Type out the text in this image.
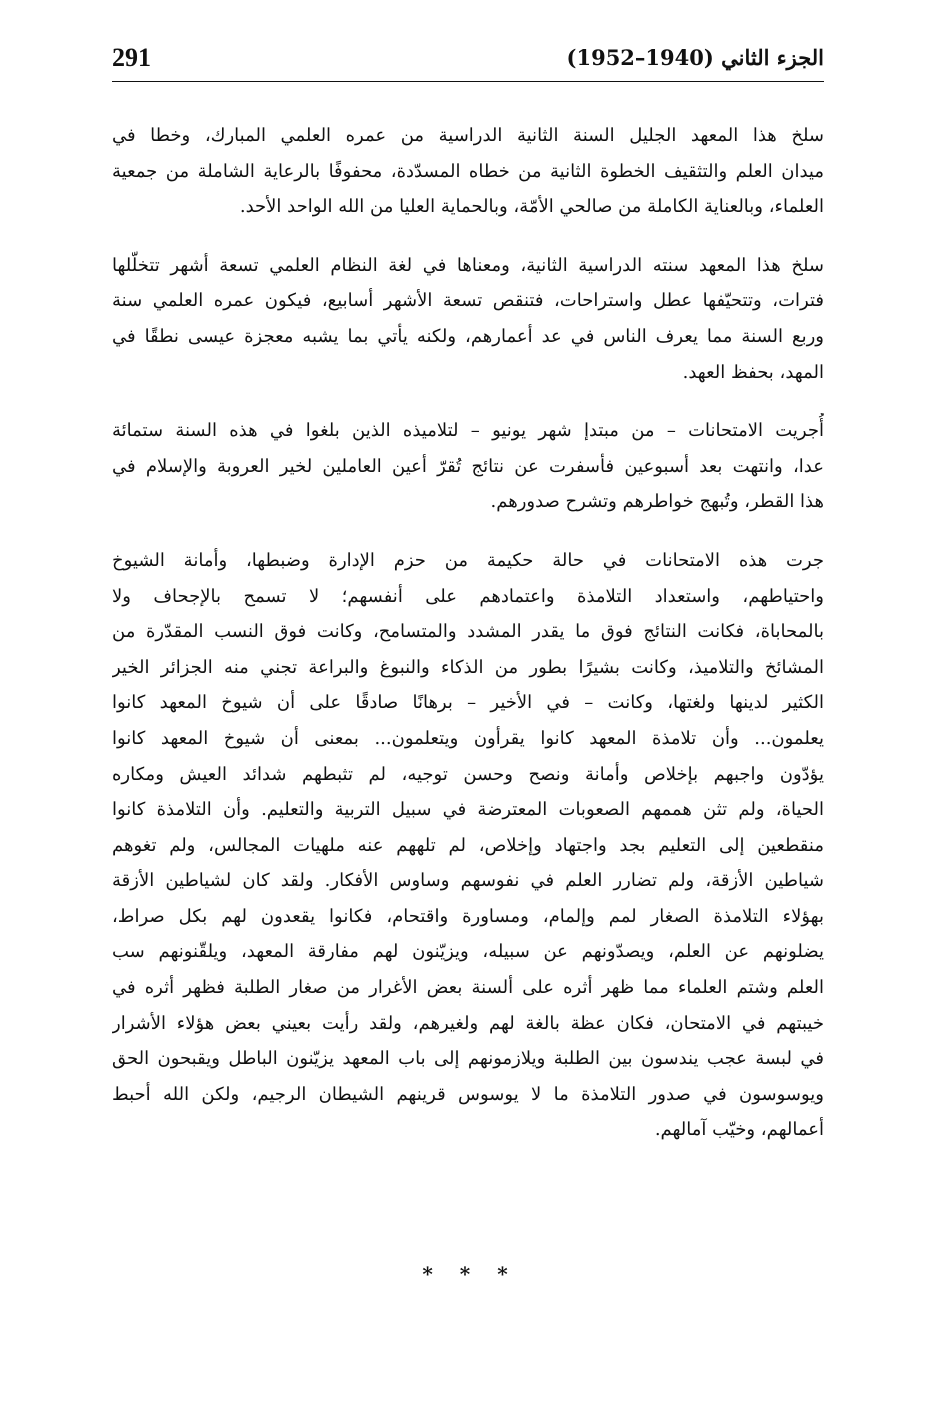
291	الجزء الثاني (1940–1952)
سلخ هذا المعهد الجليل السنة الثانية الدراسية من عمره العلمي المبارك، وخطا في
ميدان العلم والتثقيف الخطوة الثانية من خطاه المسدّدة، محفوفًا بالرعاية الشاملة من جمعية
العلماء، وبالعناية الكاملة من صالحي الأمّة، وبالحماية العليا من الله الواحد الأحد.
سلخ هذا المعهد سنته الدراسية الثانية، ومعناها في لغة النظام العلمي تسعة أشهر تتخلّلها
فترات، وتتحيّفها عطل واستراحات، فتنقص تسعة الأشهر أسابيع، فيكون عمره العلمي سنة
وربع السنة مما يعرف الناس في عد أعمارهم، ولكنه يأتي بما يشبه معجزة عيسى نطقًا في
المهد، بحفظ العهد.
أُجريت الامتحانات – من مبتدإ شهر يونيو – لتلاميذه الذين بلغوا في هذه السنة ستمائة
عدا، وانتهت بعد أسبوعين فأسفرت عن نتائج تُقرّ أعين العاملين لخير العروبة والإسلام في
هذا القطر، وتُبهج خواطرهم وتشرح صدورهم.
جرت هذه الامتحانات في حالة حكيمة من حزم الإدارة وضبطها، وأمانة الشيوخ
واحتياطهم، واستعداد التلامذة واعتمادهم على أنفسهم؛ لا تسمح بالإجحاف ولا
بالمحاباة، فكانت النتائج فوق ما يقدر المشدد والمتسامح، وكانت فوق النسب المقدّرة من
المشائخ والتلاميذ، وكانت بشيرًا بطور من الذكاء والنبوغ والبراعة تجني منه الجزائر الخير
الكثير لدينها ولغتها، وكانت – في الأخير – برهانًا صادقًا على أن شيوخ المعهد كانوا
يعلمون... وأن تلامذة المعهد كانوا يقرأون ويتعلمون... بمعنى أن شيوخ المعهد كانوا
يؤدّون واجبهم بإخلاص وأمانة ونصح وحسن توجيه، لم تثبطهم شدائد العيش ومكاره
الحياة، ولم تثن هممهم الصعوبات المعترضة في سبيل التربية والتعليم. وأن التلامذة كانوا
منقطعين إلى التعليم بجد واجتهاد وإخلاص، لم تلههم عنه ملهيات المجالس، ولم تغوهم
شياطين الأزقة، ولم تضارر العلم في نفوسهم وساوس الأفكار. ولقد كان لشياطين الأزقة
بهؤلاء التلامذة الصغار لمم وإلمام، ومساورة واقتحام، فكانوا يقعدون لهم بكل صراط،
يضلونهم عن العلم، ويصدّونهم عن سبيله، ويزيّنون لهم مفارقة المعهد، ويلقّنونهم سب
العلم وشتم العلماء مما ظهر أثره على ألسنة بعض الأغرار من صغار الطلبة فظهر أثره في
خيبتهم في الامتحان، فكان عظة بالغة لهم ولغيرهم، ولقد رأيت بعيني بعض هؤلاء الأشرار
في لبسة عجب يندسون بين الطلبة ويلازمونهم إلى باب المعهد يزيّنون الباطل ويقبحون الحق
ويوسوسون في صدور التلامذة ما لا يوسوس قرينهم الشيطان الرجيم، ولكن الله أحبط
أعمالهم، وخيّب آمالهم.
* * *
